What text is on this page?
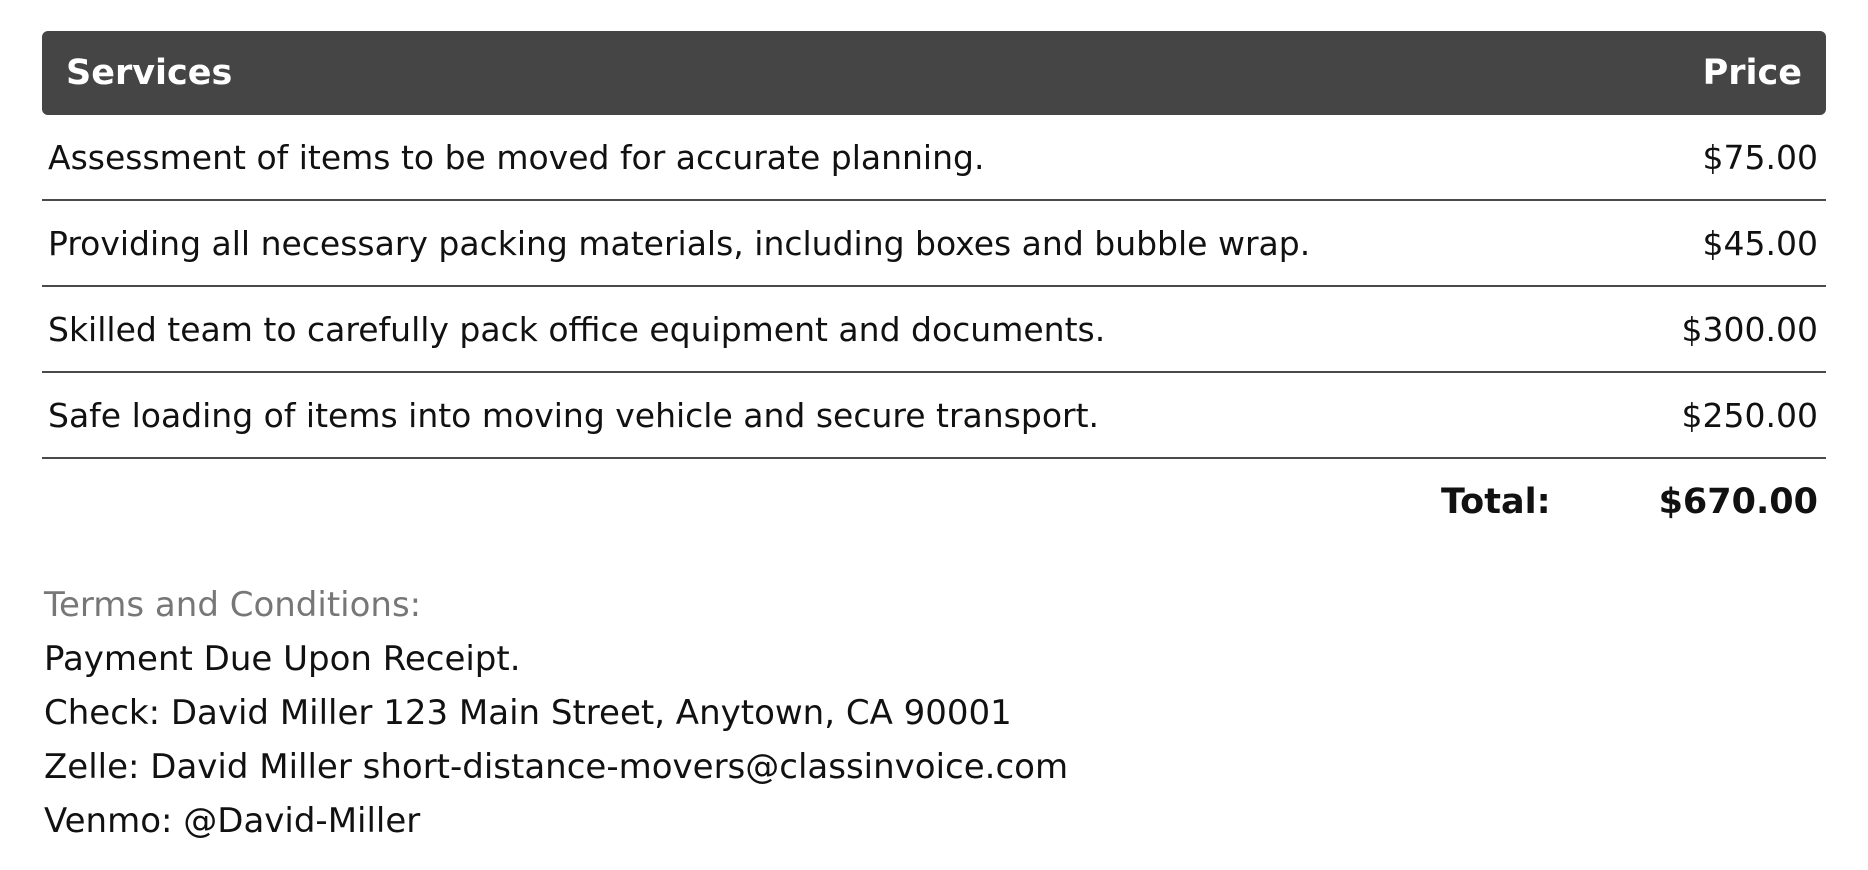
Services	Price
Assessment of items to be moved for accurate planning.	$75.00
Providing all necessary packing materials, including boxes and bubble wrap.	$45.00
Skilled team to carefully pack office equipment and documents.	$300.00
Safe loading of items into moving vehicle and secure transport.	$250.00
Total:	$670.00
Terms and Conditions:
Payment Due Upon Receipt.
Check: David Miller 123 Main Street, Anytown, CA 90001
Zelle: David Miller short-distance-movers@classinvoice.com
Venmo: @David-Miller
